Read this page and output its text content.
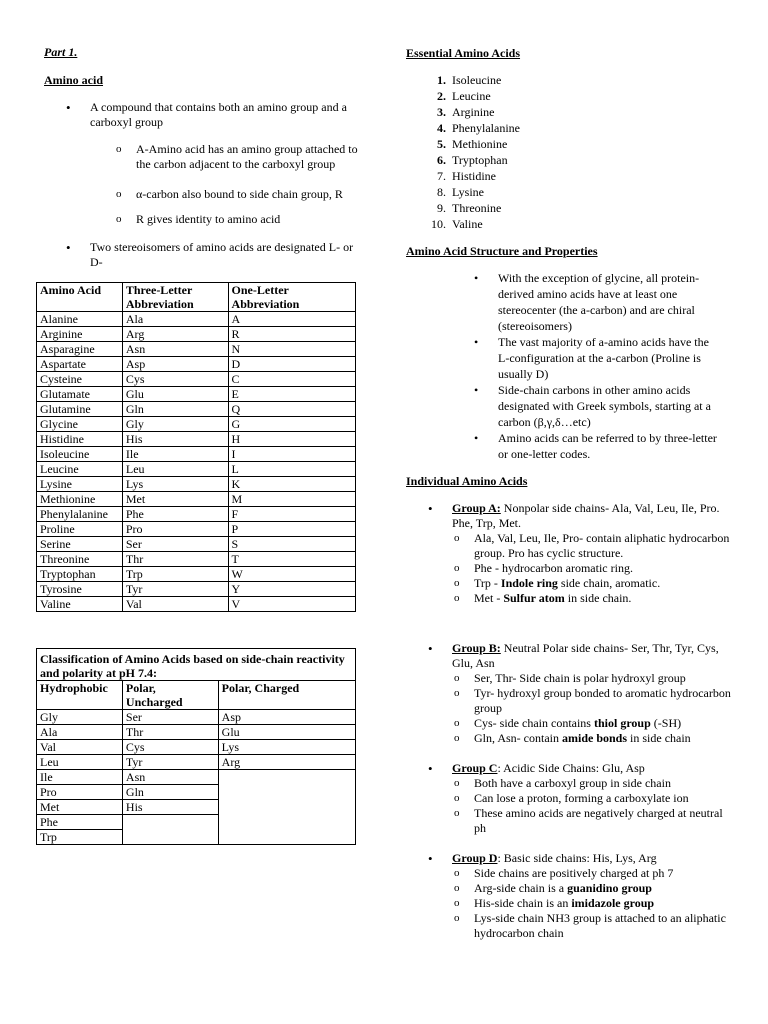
Part 1.
Amino acid
• A compound that contains both an amino group and a carboxyl group
o A-Amino acid has an amino group attached to the carbon adjacent to the carboxyl group
o α-carbon also bound to side chain group, R
o R gives identity to amino acid
• Two stereoisomers of amino acids are designated L- or D-
Amino Acid	Three-Letter Abbreviation	One-Letter Abbreviation
Alanine	Ala	A
Arginine	Arg	R
Asparagine	Asn	N
Aspartate	Asp	D
Cysteine	Cys	C
Glutamate	Glu	E
Glutamine	Gln	Q
Glycine	Gly	G
Histidine	His	H
Isoleucine	Ile	I
Leucine	Leu	L
Lysine	Lys	K
Methionine	Met	M
Phenylalanine	Phe	F
Proline	Pro	P
Serine	Ser	S
Threonine	Thr	T
Tryptophan	Trp	W
Tyrosine	Tyr	Y
Valine	Val	V
Classification of Amino Acids based on side-chain reactivity and polarity at pH 7.4:		
Hydrophobic	Polar, Uncharged	Polar, Charged
Gly	Ser	Asp
Ala	Thr	Glu
Val	Cys	Lys
Leu	Tyr	Arg
Ile	Asn	
Pro	Gln	
Met	His	
Phe		
Trp		
Essential Amino Acids
1. Isoleucine
2. Leucine
3. Arginine
4. Phenylalanine
5. Methionine
6. Tryptophan
7. Histidine
8. Lysine
9. Threonine
10. Valine
Amino Acid Structure and Properties
• With the exception of glycine, all protein-derived amino acids have at least one stereocenter (the a-carbon) and are chiral (stereoisomers)
• The vast majority of a-amino acids have the L-configuration at the a-carbon (Proline is usually D)
• Side-chain carbons in other amino acids designated with Greek symbols, starting at a carbon (β,γ,δ…etc)
• Amino acids can be referred to by three-letter or one-letter codes.
Individual Amino Acids
• Group A: Nonpolar side chains- Ala, Val, Leu, Ile, Pro. Phe, Trp, Met.
o Ala, Val, Leu, Ile, Pro- contain aliphatic hydrocarbon group. Pro has cyclic structure.
o Phe - hydrocarbon aromatic ring.
o Trp - Indole ring side chain, aromatic.
o Met - Sulfur atom in side chain.
• Group B: Neutral Polar side chains- Ser, Thr, Tyr, Cys, Glu, Asn
o Ser, Thr- Side chain is polar hydroxyl group
o Tyr- hydroxyl group bonded to aromatic hydrocarbon group
o Cys- side chain contains thiol group (-SH)
o Gln, Asn- contain amide bonds in side chain
• Group C: Acidic Side Chains: Glu, Asp
o Both have a carboxyl group in side chain
o Can lose a proton, forming a carboxylate ion
o These amino acids are negatively charged at neutral ph
• Group D: Basic side chains: His, Lys, Arg
o Side chains are positively charged at ph 7
o Arg-side chain is a guanidino group
o His-side chain is an imidazole group
o Lys-side chain NH3 group is attached to an aliphatic hydrocarbon chain
